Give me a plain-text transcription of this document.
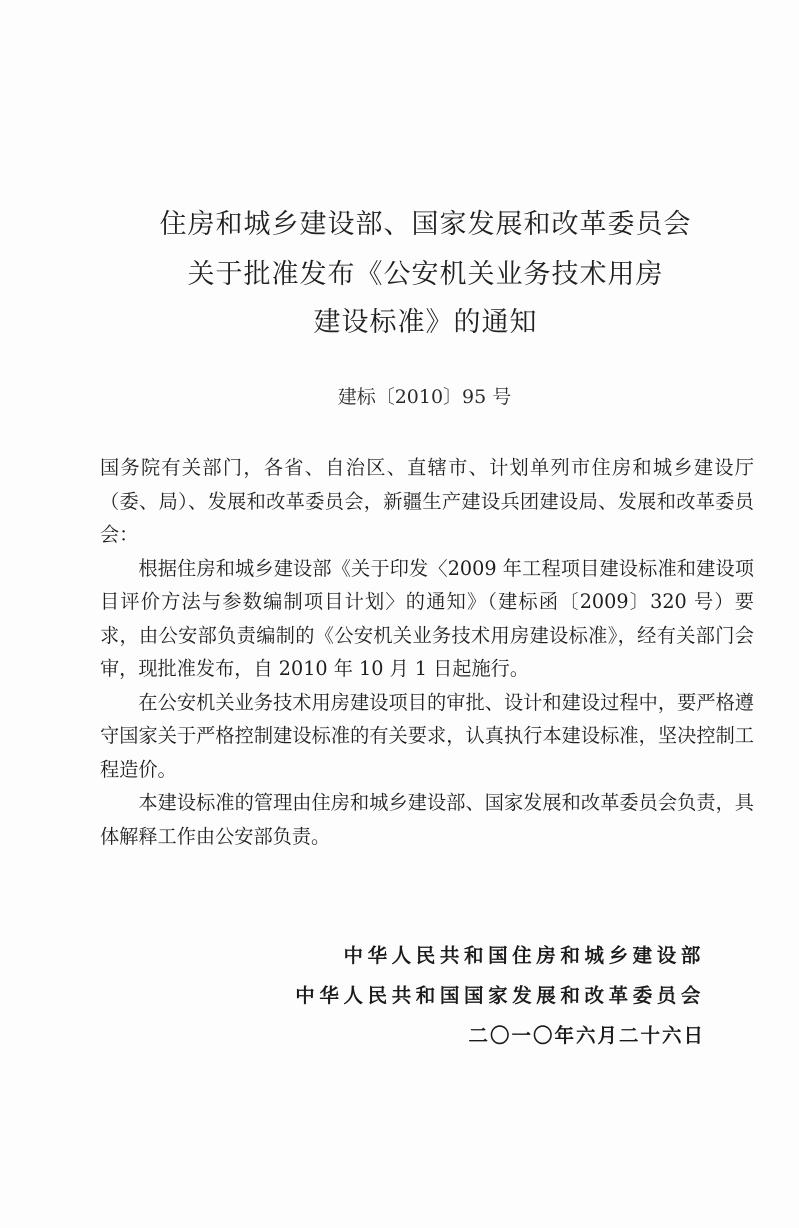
住房和城乡建设部、国家发展和改革委员会
关于批准发布《公安机关业务技术用房
建设标准》的通知
建标〔2010〕95 号

国务院有关部门，各省、自治区、直辖市、计划单列市住房和城乡建设厅（委、局）、发展和改革委员会，新疆生产建设兵团建设局、发展和改革委员会：

根据住房和城乡建设部《关于印发〈2009 年工程项目建设标准和建设项目评价方法与参数编制项目计划〉的通知》（建标函〔2009〕320 号）要求，由公安部负责编制的《公安机关业务技术用房建设标准》，经有关部门会审，现批准发布，自 2010 年 10 月 1 日起施行。

在公安机关业务技术用房建设项目的审批、设计和建设过程中，要严格遵守国家关于严格控制建设标准的有关要求，认真执行本建设标准，坚决控制工程造价。

本建设标准的管理由住房和城乡建设部、国家发展和改革委员会负责，具体解释工作由公安部负责。

中华人民共和国住房和城乡建设部
中华人民共和国国家发展和改革委员会
二〇一〇年六月二十六日
